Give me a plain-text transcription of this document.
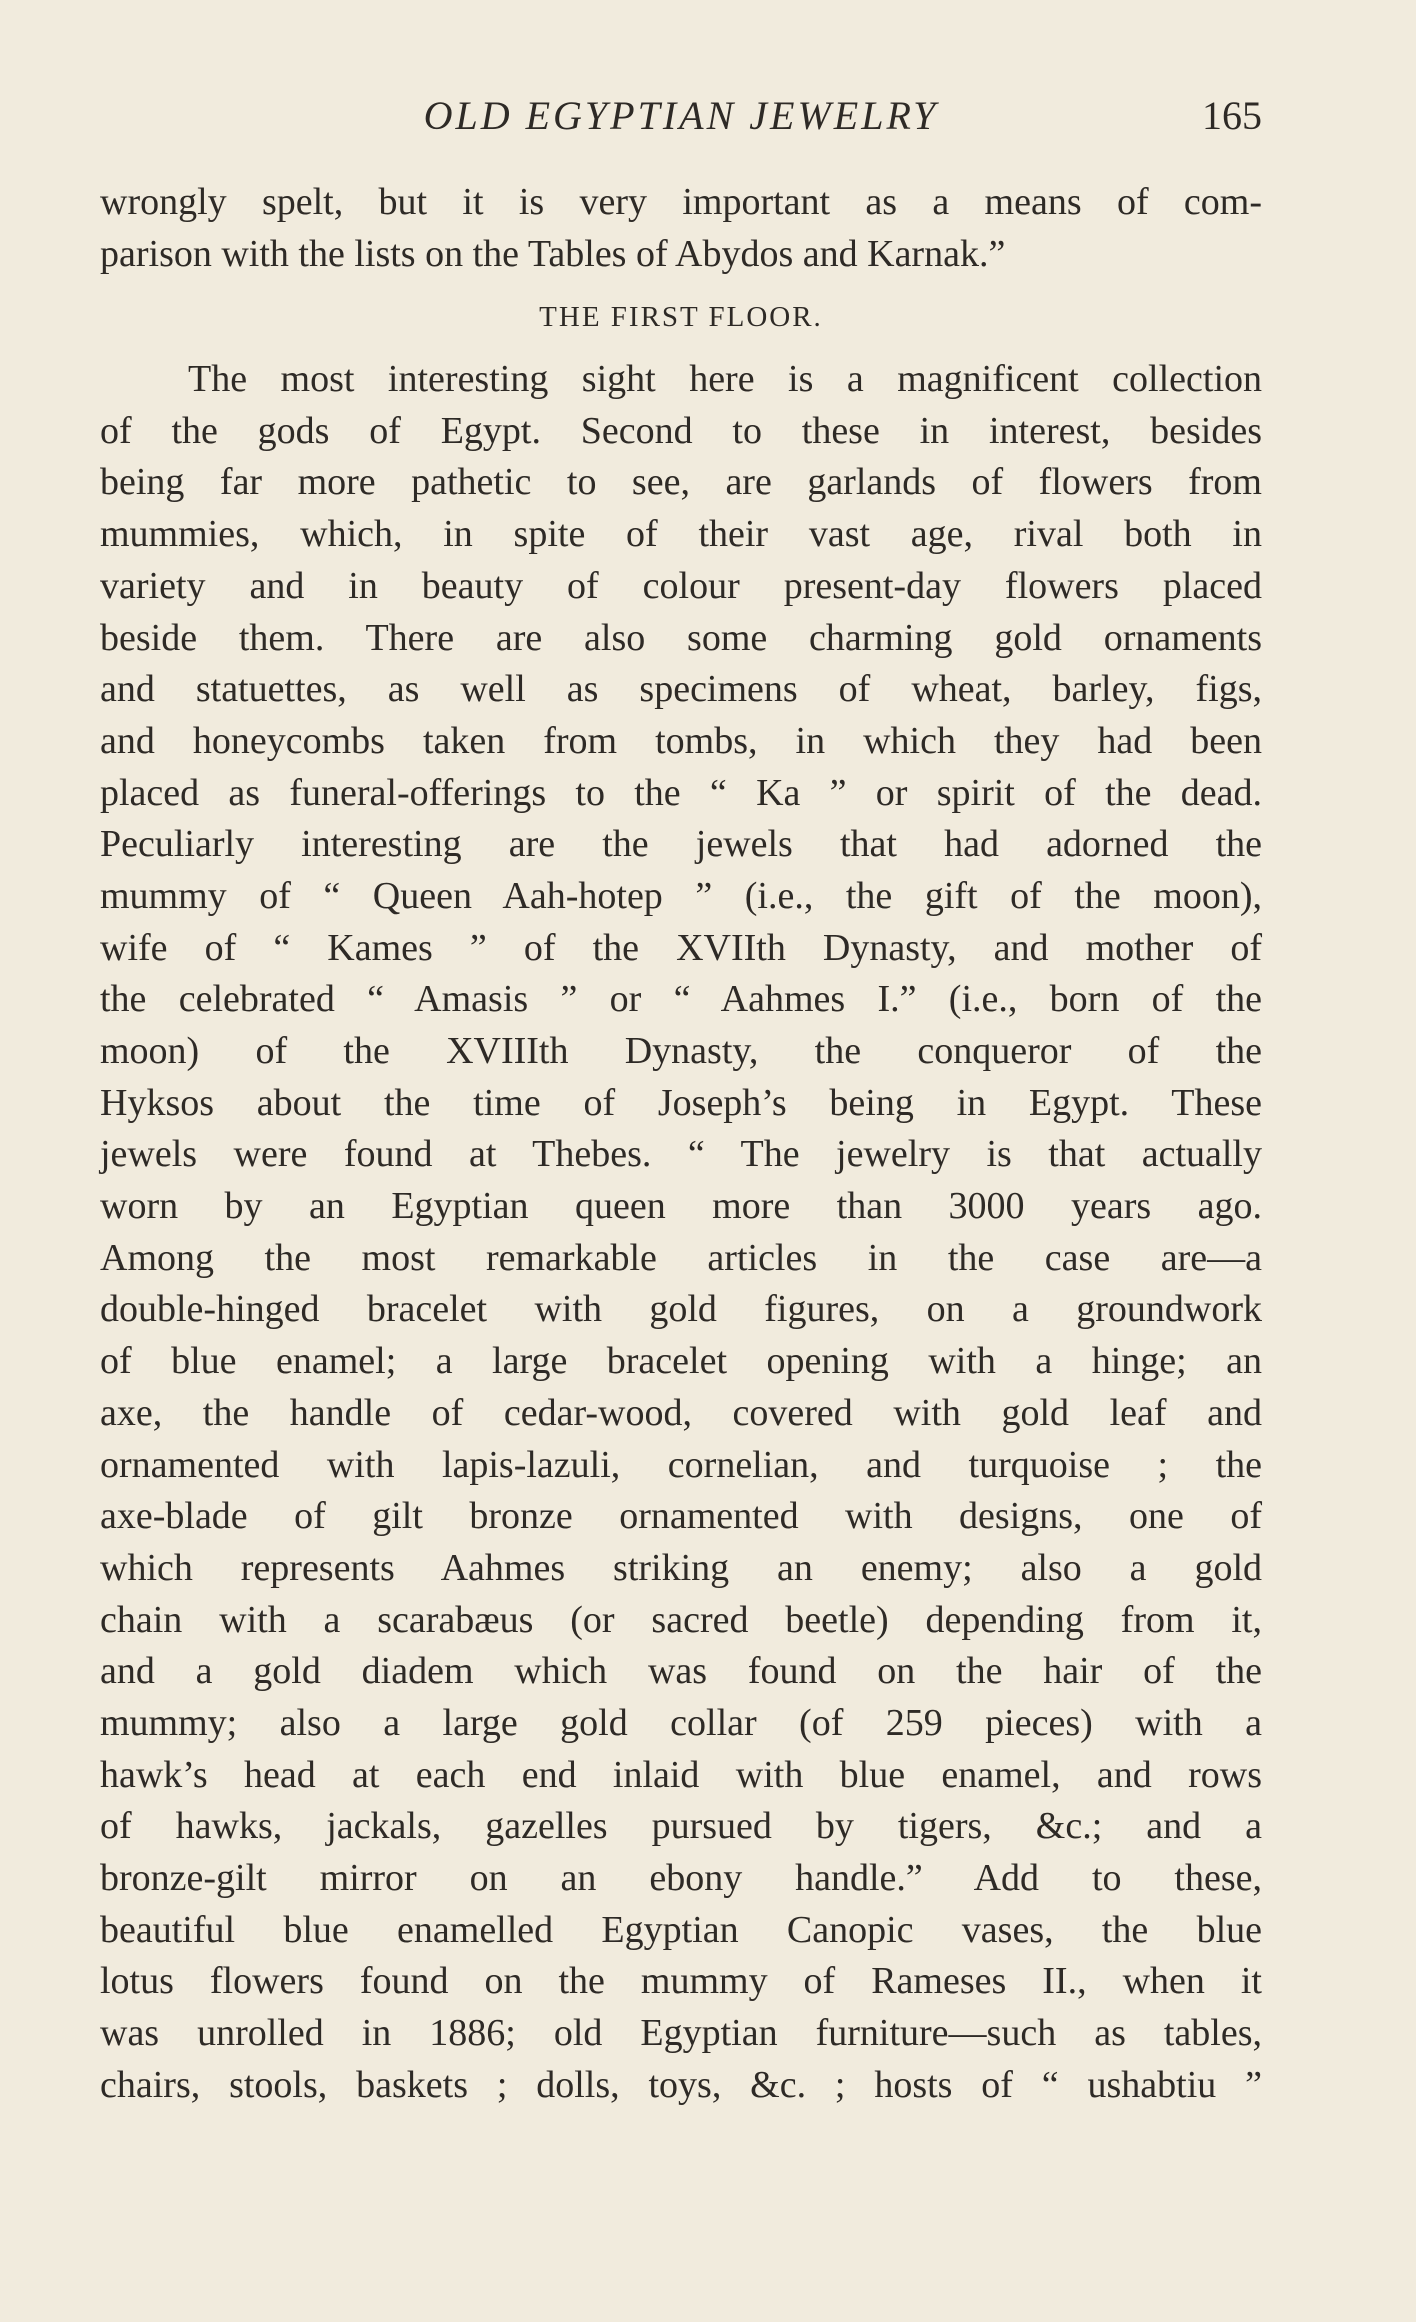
OLD EGYPTIAN JEWELRY	165
wrongly spelt, but it is very important as a means of com-
parison with the lists on the Tables of Abydos and Karnak.”
THE FIRST FLOOR.
The most interesting sight here is a magnificent collection
of the gods of Egypt. Second to these in interest, besides
being far more pathetic to see, are garlands of flowers from
mummies, which, in spite of their vast age, rival both in
variety and in beauty of colour present-day flowers placed
beside them. There are also some charming gold ornaments
and statuettes, as well as specimens of wheat, barley, figs,
and honeycombs taken from tombs, in which they had been
placed as funeral-offerings to the “ Ka ” or spirit of the dead.
Peculiarly interesting are the jewels that had adorned the
mummy of “ Queen Aah-hotep ” (i.e., the gift of the moon),
wife of “ Kames ” of the XVIIth Dynasty, and mother of
the celebrated “ Amasis ” or “ Aahmes I.” (i.e., born of the
moon) of the XVIIIth Dynasty, the conqueror of the
Hyksos about the time of Joseph’s being in Egypt. These
jewels were found at Thebes. “ The jewelry is that actually
worn by an Egyptian queen more than 3000 years ago.
Among the most remarkable articles in the case are—a
double-hinged bracelet with gold figures, on a groundwork
of blue enamel; a large bracelet opening with a hinge; an
axe, the handle of cedar-wood, covered with gold leaf and
ornamented with lapis-lazuli, cornelian, and turquoise ; the
axe-blade of gilt bronze ornamented with designs, one of
which represents Aahmes striking an enemy; also a gold
chain with a scarabæus (or sacred beetle) depending from it,
and a gold diadem which was found on the hair of the
mummy; also a large gold collar (of 259 pieces) with a
hawk’s head at each end inlaid with blue enamel, and rows
of hawks, jackals, gazelles pursued by tigers, &c.; and a
bronze-gilt mirror on an ebony handle.” Add to these,
beautiful blue enamelled Egyptian Canopic vases, the blue
lotus flowers found on the mummy of Rameses II., when it
was unrolled in 1886; old Egyptian furniture—such as tables,
chairs, stools, baskets ; dolls, toys, &c. ; hosts of “ ushabtiu ”
